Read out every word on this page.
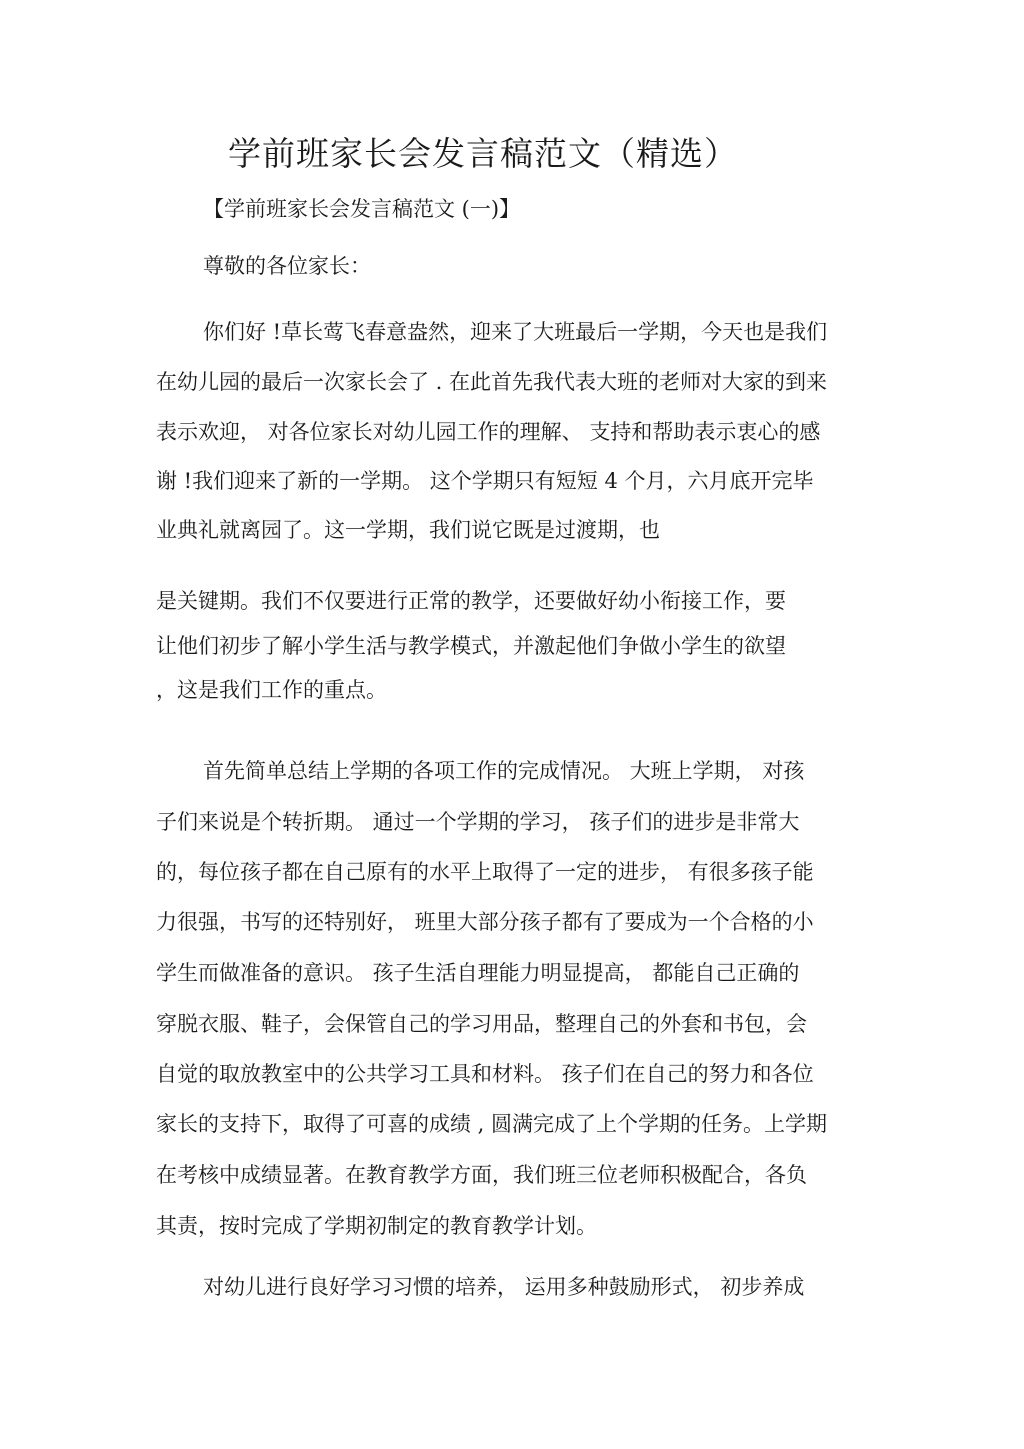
学前班家长会发言稿范文（精选）
【学前班家长会发言稿范文 (一)】
尊敬的各位家长：
你们好 !草长莺飞春意盎然，迎来了大班最后一学期，今天也是我们
在幼儿园的最后一次家长会了 . 在此首先我代表大班的老师对大家的到来
表示欢迎， 对各位家长对幼儿园工作的理解、 支持和帮助表示衷心的感
谢 !我们迎来了新的一学期。 这个学期只有短短 4 个月，六月底开完毕
业典礼就离园了。这一学期，我们说它既是过渡期，也
是关键期。我们不仅要进行正常的教学，还要做好幼小衔接工作，要
让他们初步了解小学生活与教学模式，并激起他们争做小学生的欲望
，这是我们工作的重点。
首先简单总结上学期的各项工作的完成情况。 大班上学期， 对孩
子们来说是个转折期。 通过一个学期的学习， 孩子们的进步是非常大
的，每位孩子都在自己原有的水平上取得了一定的进步， 有很多孩子能
力很强，书写的还特别好， 班里大部分孩子都有了要成为一个合格的小
学生而做准备的意识。 孩子生活自理能力明显提高， 都能自己正确的
穿脱衣服、鞋子，会保管自己的学习用品，整理自己的外套和书包，会
自觉的取放教室中的公共学习工具和材料。 孩子们在自己的努力和各位
家长的支持下，取得了可喜的成绩 , 圆满完成了上个学期的任务。上学期
在考核中成绩显著。在教育教学方面，我们班三位老师积极配合，各负
其责，按时完成了学期初制定的教育教学计划。
对幼儿进行良好学习习惯的培养， 运用多种鼓励形式， 初步养成
